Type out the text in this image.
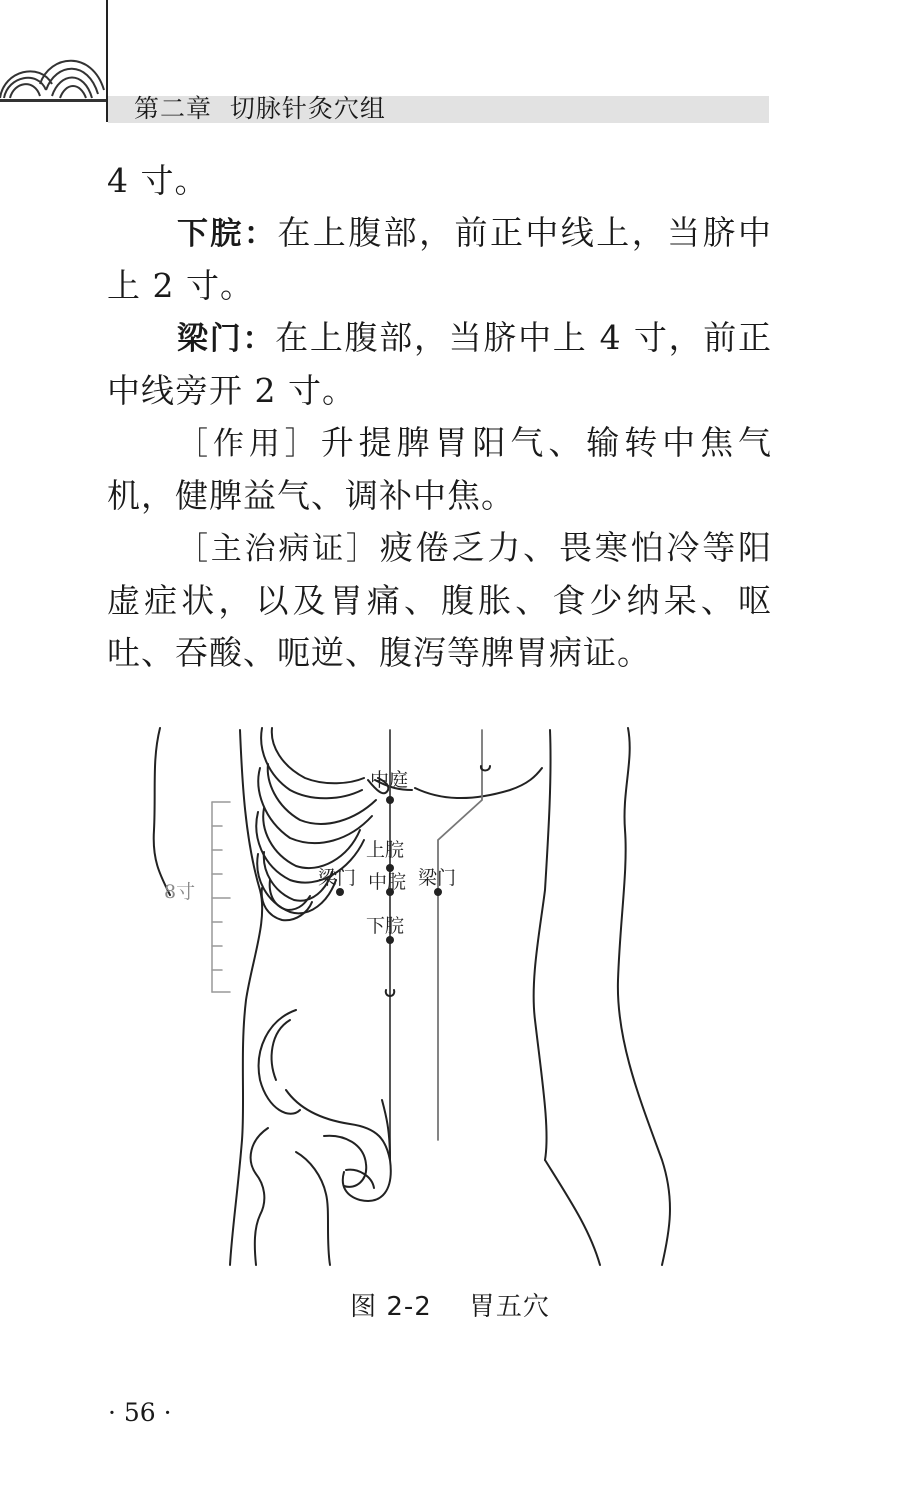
第二章 切脉针灸穴组

4 寸。

下脘：在上腹部，前正中线上，当脐中上 2 寸。

梁门：在上腹部，当脐中上 4 寸，前正中线旁开 2 寸。

［作用］升提脾胃阳气、输转中焦气机，健脾益气、调补中焦。

［主治病证］疲倦乏力、畏寒怕冷等阳虚症状，以及胃痛、腹胀、食少纳呆、呕吐、吞酸、呃逆、腹泻等脾胃病证。

中庭
上脘
中脘
下脘
梁门	梁门
8寸
图 2-2    胃五穴
· 56 ·
